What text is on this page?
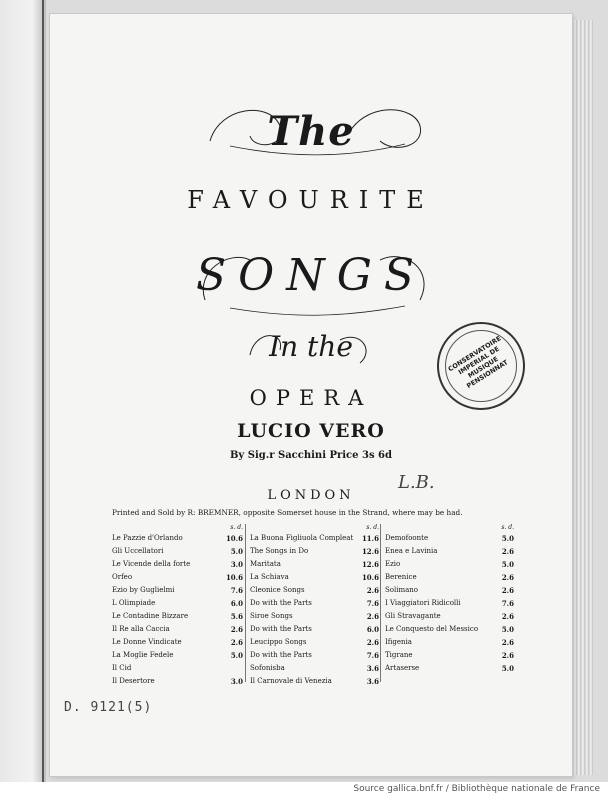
The
FAVOURITE
SONGS
In the
OPERA
LUCIO VERO
By Sig.r Sacchini Price 3s 6d
CONSERVATOIRE IMPERIAL DE MUSIQUE PENSIONNAT
L.B.
LONDON
Printed and Sold by R: BREMNER, opposite Somerset house in the Strand, where may be had.
s. d.
Le Pazzie d'Orlando	10.6
Gli Uccellatori	5.0
Le Vicende della forte	3.0
Orfeo	10.6
Ezio by Guglielmi	7.6
L Olimpiade	6.0
Le Contadine Bizzare	5.6
Il Re alla Caccia	2.6
Le Donne Vindicate	2.6
La Moglie Fedele	5.0
Il Cid
Il Desertore	3.0
s. d.
La Buona Figliuola Compleat 11.6
The Songs in Do	12.6
Maritata	12.6
La Schiava	10.6
Cleonice Songs	2.6
Do with the Parts	7.6
Siroe Songs	2.6
Do with the Parts	6.0
Leucippo Songs	2.6
Do with the Parts	7.6
Sofonisba	3.6
Il Carnovale di Venezia	3.6
s. d.
Demofoonte	5.0
Enea e Lavinia	2.6
Ezio	5.0
Berenice	2.6
Solimano	2.6
I Viaggiatori Ridicolli	7.6
Gli Stravagante	2.6
Le Conquesto del Messico	5.0
Ifigenia	2.6
Tigrane	2.6
Artaserse	5.0
D. 9121(5)
Source gallica.bnf.fr / Bibliothèque nationale de France
